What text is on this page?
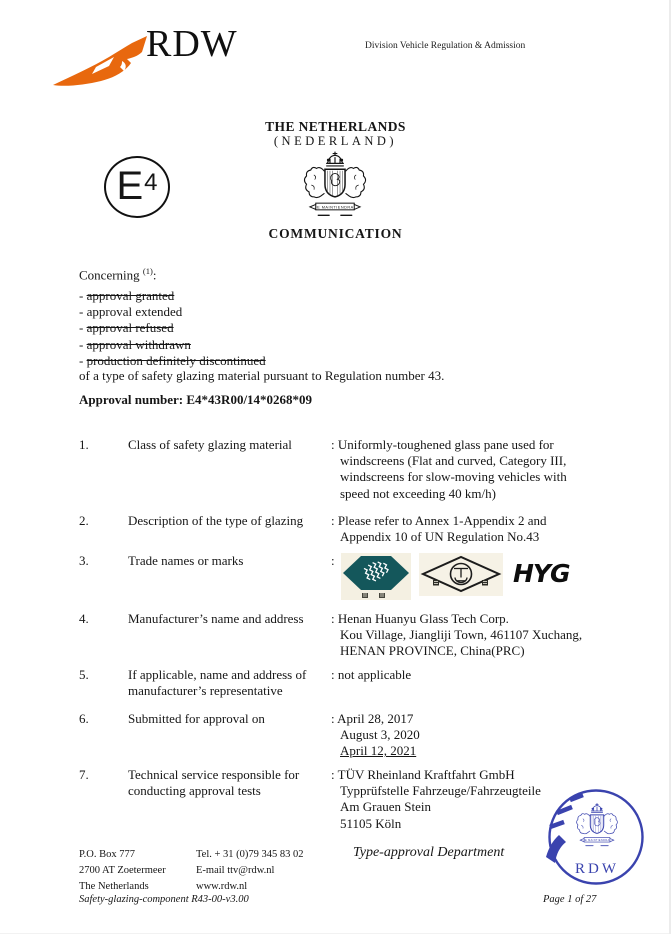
RDW	Division Vehicle Regulation & Admission
THE NETHERLANDS
(NEDERLAND)
E 4
COMMUNICATION
Concerning $^{(1)}$:
- approval granted
- approval extended
- approval refused
- approval withdrawn
- production definitely discontinued
of a type of safety glazing material pursuant to Regulation number 43.
Approval number: E4*43R00/14*0268*09
1.	Class of safety glazing material	: Uniformly-toughened glass pane used for
windscreens (Flat and curved, Category III,
windscreens for slow-moving vehicles with
speed not exceeding 40 km/h)
2.	Description of the type of glazing	: Please refer to Annex 1-Appendix 2 and
Appendix 10 of UN Regulation No.43
3.	Trade names or marks	:	HYG
4.	Manufacturer’s name and address	: Henan Huanyu Glass Tech Corp.
Kou Village, Jiangliji Town, 461107 Xuchang,
HENAN PROVINCE, China(PRC)
5.	If applicable, name and address of
manufacturer’s representative
: not applicable
6.	Submitted for approval on	: April 28, 2017
August 3, 2020
April 12, 2021
7.	Technical service responsible for
conducting approval tests
: TÜV Rheinland Kraftfahrt GmbH
Typprüfstelle Fahrzeuge/Fahrzeugteile
Am Grauen Stein
51105 Köln
RDW
P.O. Box 777
2700 AT Zoetermeer
The Netherlands
Tel. + 31 (0)79 345 83 02
E-mail ttv@rdw.nl
www.rdw.nl
Type-approval Department
Safety-glazing-component R43-00-v3.00	Page 1 of 27
